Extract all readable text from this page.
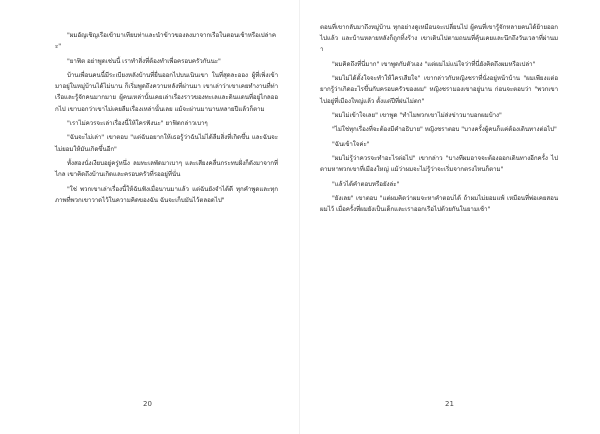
"ผมอัญเชิญเรือเข้ามาเทียบท่าและนำข้าวของลงมาจากเรือในตอนเช้าหรือเปล่าคะ"

"ยาฟิต อย่าพูดเช่นนี้ เราทำสิ่งที่ต้องทำเพื่อครอบครัวกันนะ"

บ้านเพื่อนคนนี้มีระเบียงหลังบ้านที่ยื่นออกไปบนเนินเขา ในที่สุดละออง ผู้ที่เพิ่งเข้ามาอยู่ในหมู่บ้านได้ไม่นาน ก็เริ่มพูดถึงความหลังที่ผ่านมา เขาเล่าว่าเขาเคยทำงานที่ท่าเรือและรู้จักคนมากมาย ผู้คนเหล่านั้นเคยเล่าเรื่องราวของทะเลและดินแดนที่อยู่ไกลออกไป เขาบอกว่าเขาไม่เคยลืมเรื่องเหล่านั้นเลย แม้จะผ่านมานานหลายปีแล้วก็ตาม

"เราไม่ควรจะเล่าเรื่องนี้ให้ใครฟังนะ" ยาฟิตกล่าวเบาๆ

"ฉันจะไม่เล่า" เขาตอบ "แต่ฉันอยากให้เธอรู้ว่าฉันไม่ได้ลืมสิ่งที่เกิดขึ้น และฉันจะไม่ยอมให้มันเกิดขึ้นอีก"

ทั้งสองนั่งเงียบอยู่ครู่หนึ่ง ลมทะเลพัดมาเบาๆ และเสียงคลื่นกระทบฝั่งก็ดังมาจากที่ไกล เขาคิดถึงบ้านเกิดและครอบครัวที่รออยู่ที่นั่น

"ใช่ พวกเขาเล่าเรื่องนี้ให้ฉันฟังเมื่อนานมาแล้ว แต่ฉันยังจำได้ดี ทุกคำพูดและทุกภาพที่พวกเขาวาดไว้ในความคิดของฉัน ฉันจะเก็บมันไว้ตลอดไป"

20

ตอนที่เขากลับมาถึงหมู่บ้าน ทุกอย่างดูเหมือนจะเปลี่ยนไป ผู้คนที่เขารู้จักหลายคนได้ย้ายออกไปแล้ว และบ้านหลายหลังก็ถูกทิ้งร้าง เขาเดินไปตามถนนที่คุ้นเคยและนึกถึงวันเวลาที่ผ่านมา

"ผมคิดถึงที่นี่มาก" เขาพูดกับตัวเอง "แต่ผมไม่แน่ใจว่าที่นี่ยังคิดถึงผมหรือเปล่า"

"ผมไม่ได้ตั้งใจจะทำให้ใครเสียใจ" เขากล่าวกับหญิงชราที่นั่งอยู่หน้าบ้าน "ผมเพียงแต่อยากรู้ว่าเกิดอะไรขึ้นกับครอบครัวของผม" หญิงชรามองเขาอยู่นาน ก่อนจะตอบว่า "พวกเขาไปอยู่ที่เมืองใหญ่แล้ว ตั้งแต่ปีที่ฝนไม่ตก"

"ผมไม่เข้าใจเลย" เขาพูด "ทำไมพวกเขาไม่ส่งข่าวมาบอกผมบ้าง"

"ไม่ใช่ทุกเรื่องที่จะต้องมีคำอธิบาย" หญิงชราตอบ "บางครั้งผู้คนก็แค่ต้องเดินทางต่อไป"

"ฉันเข้าใจค่ะ"

"ผมไม่รู้ว่าควรจะทำอะไรต่อไป" เขากล่าว "บางทีผมอาจจะต้องออกเดินทางอีกครั้ง ไปตามหาพวกเขาที่เมืองใหญ่ แม้ว่าผมจะไม่รู้ว่าจะเริ่มจากตรงไหนก็ตาม"

"แล้วได้คำตอบหรือยังล่ะ"

"ยังเลย" เขาตอบ "แต่ผมคิดว่าผมจะหาคำตอบได้ ถ้าผมไม่ยอมแพ้ เหมือนที่พ่อเคยสอนผมไว้ เมื่อครั้งที่ผมยังเป็นเด็กและเราออกเรือไปด้วยกันในยามเช้า"

21
